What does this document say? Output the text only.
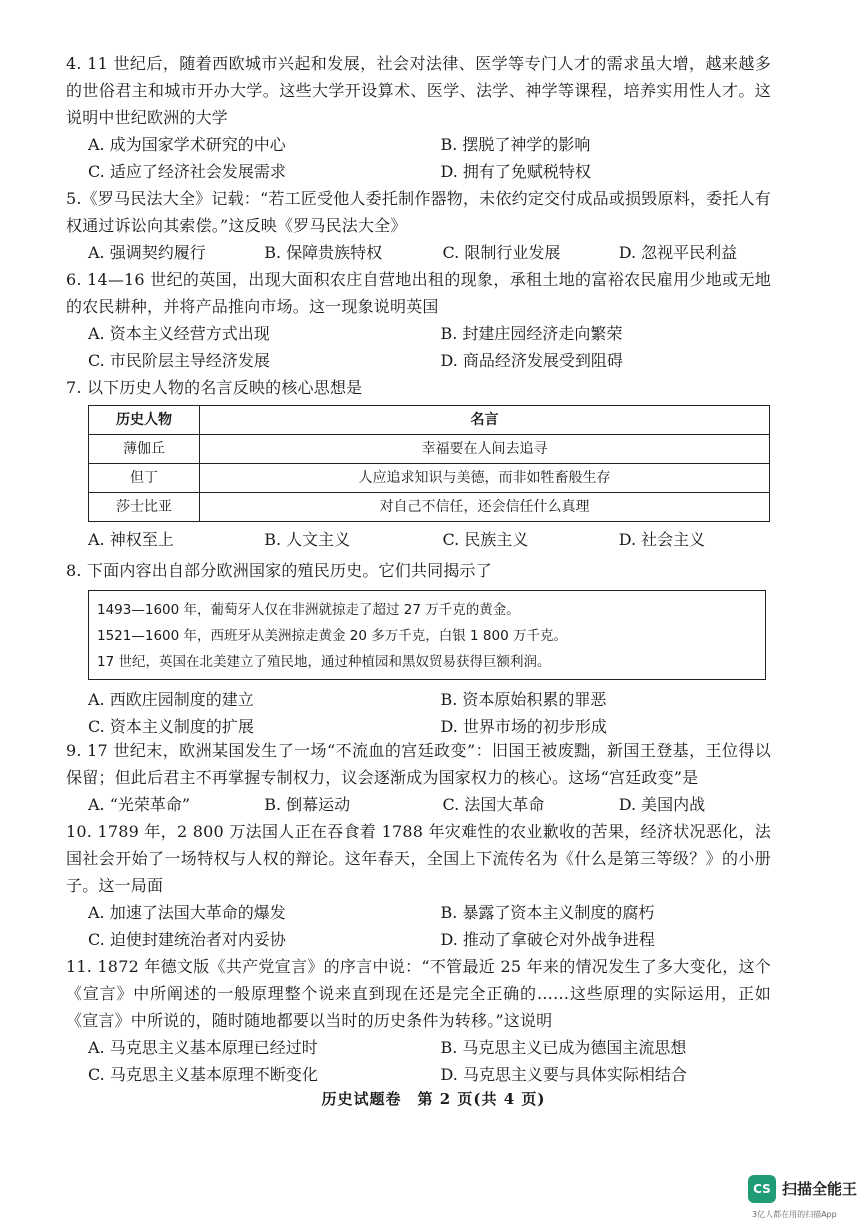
4. 11 世纪后，随着西欧城市兴起和发展，社会对法律、医学等专门人才的需求虽大增，越来越多的世俗君主和城市开办大学。这些大学开设算术、医学、法学、神学等课程，培养实用性人才。这说明中世纪欧洲的大学

A. 成为国家学术研究的中心	B. 摆脱了神学的影响
C. 适应了经济社会发展需求	D. 拥有了免赋税特权

5.《罗马民法大全》记载：“若工匠受他人委托制作器物，未依约定交付成品或损毁原料，委托人有权通过诉讼向其索偿。”这反映《罗马民法大全》

A. 强调契约履行	B. 保障贵族特权	C. 限制行业发展	D. 忽视平民利益

6. 14—16 世纪的英国，出现大面积农庄自营地出租的现象，承租土地的富裕农民雇用少地或无地的农民耕种，并将产品推向市场。这一现象说明英国

A. 资本主义经营方式出现	B. 封建庄园经济走向繁荣
C. 市民阶层主导经济发展	D. 商品经济发展受到阻碍

7. 以下历史人物的名言反映的核心思想是

历史人物	名言
薄伽丘	幸福要在人间去追寻
但丁	人应追求知识与美德，而非如牲畜般生存
莎士比亚	对自己不信任，还会信任什么真理
A. 神权至上	B. 人文主义	C. 民族主义	D. 社会主义

8. 下面内容出自部分欧洲国家的殖民历史。它们共同揭示了

1493—1600 年，葡萄牙人仅在非洲就掠走了超过 27 万千克的黄金。
1521—1600 年，西班牙从美洲掠走黄金 20 多万千克，白银 1 800 万千克。
17 世纪，英国在北美建立了殖民地，通过种植园和黑奴贸易获得巨额利润。
A. 西欧庄园制度的建立	B. 资本原始积累的罪恶
C. 资本主义制度的扩展	D. 世界市场的初步形成

9. 17 世纪末，欧洲某国发生了一场“不流血的宫廷政变”：旧国王被废黜，新国王登基，王位得以保留；但此后君主不再掌握专制权力，议会逐渐成为国家权力的核心。这场“宫廷政变”是

A. “光荣革命”	B. 倒幕运动	C. 法国大革命	D. 美国内战

10. 1789 年，2 800 万法国人正在吞食着 1788 年灾难性的农业歉收的苦果，经济状况恶化，法国社会开始了一场特权与人权的辩论。这年春天，全国上下流传名为《什么是第三等级？》的小册子。这一局面

A. 加速了法国大革命的爆发	B. 暴露了资本主义制度的腐朽
C. 迫使封建统治者对内妥协	D. 推动了拿破仑对外战争进程

11. 1872 年德文版《共产党宣言》的序言中说：“不管最近 25 年来的情况发生了多大变化，这个《宣言》中所阐述的一般原理整个说来直到现在还是完全正确的……这些原理的实际运用，正如《宣言》中所说的，随时随地都要以当时的历史条件为转移。”这说明

A. 马克思主义基本原理已经过时	B. 马克思主义已成为德国主流思想
C. 马克思主义基本原理不断变化	D. 马克思主义要与具体实际相结合
历史试题卷　第 2 页(共 4 页)
CS 扫描全能王
3亿人都在用的扫描App
